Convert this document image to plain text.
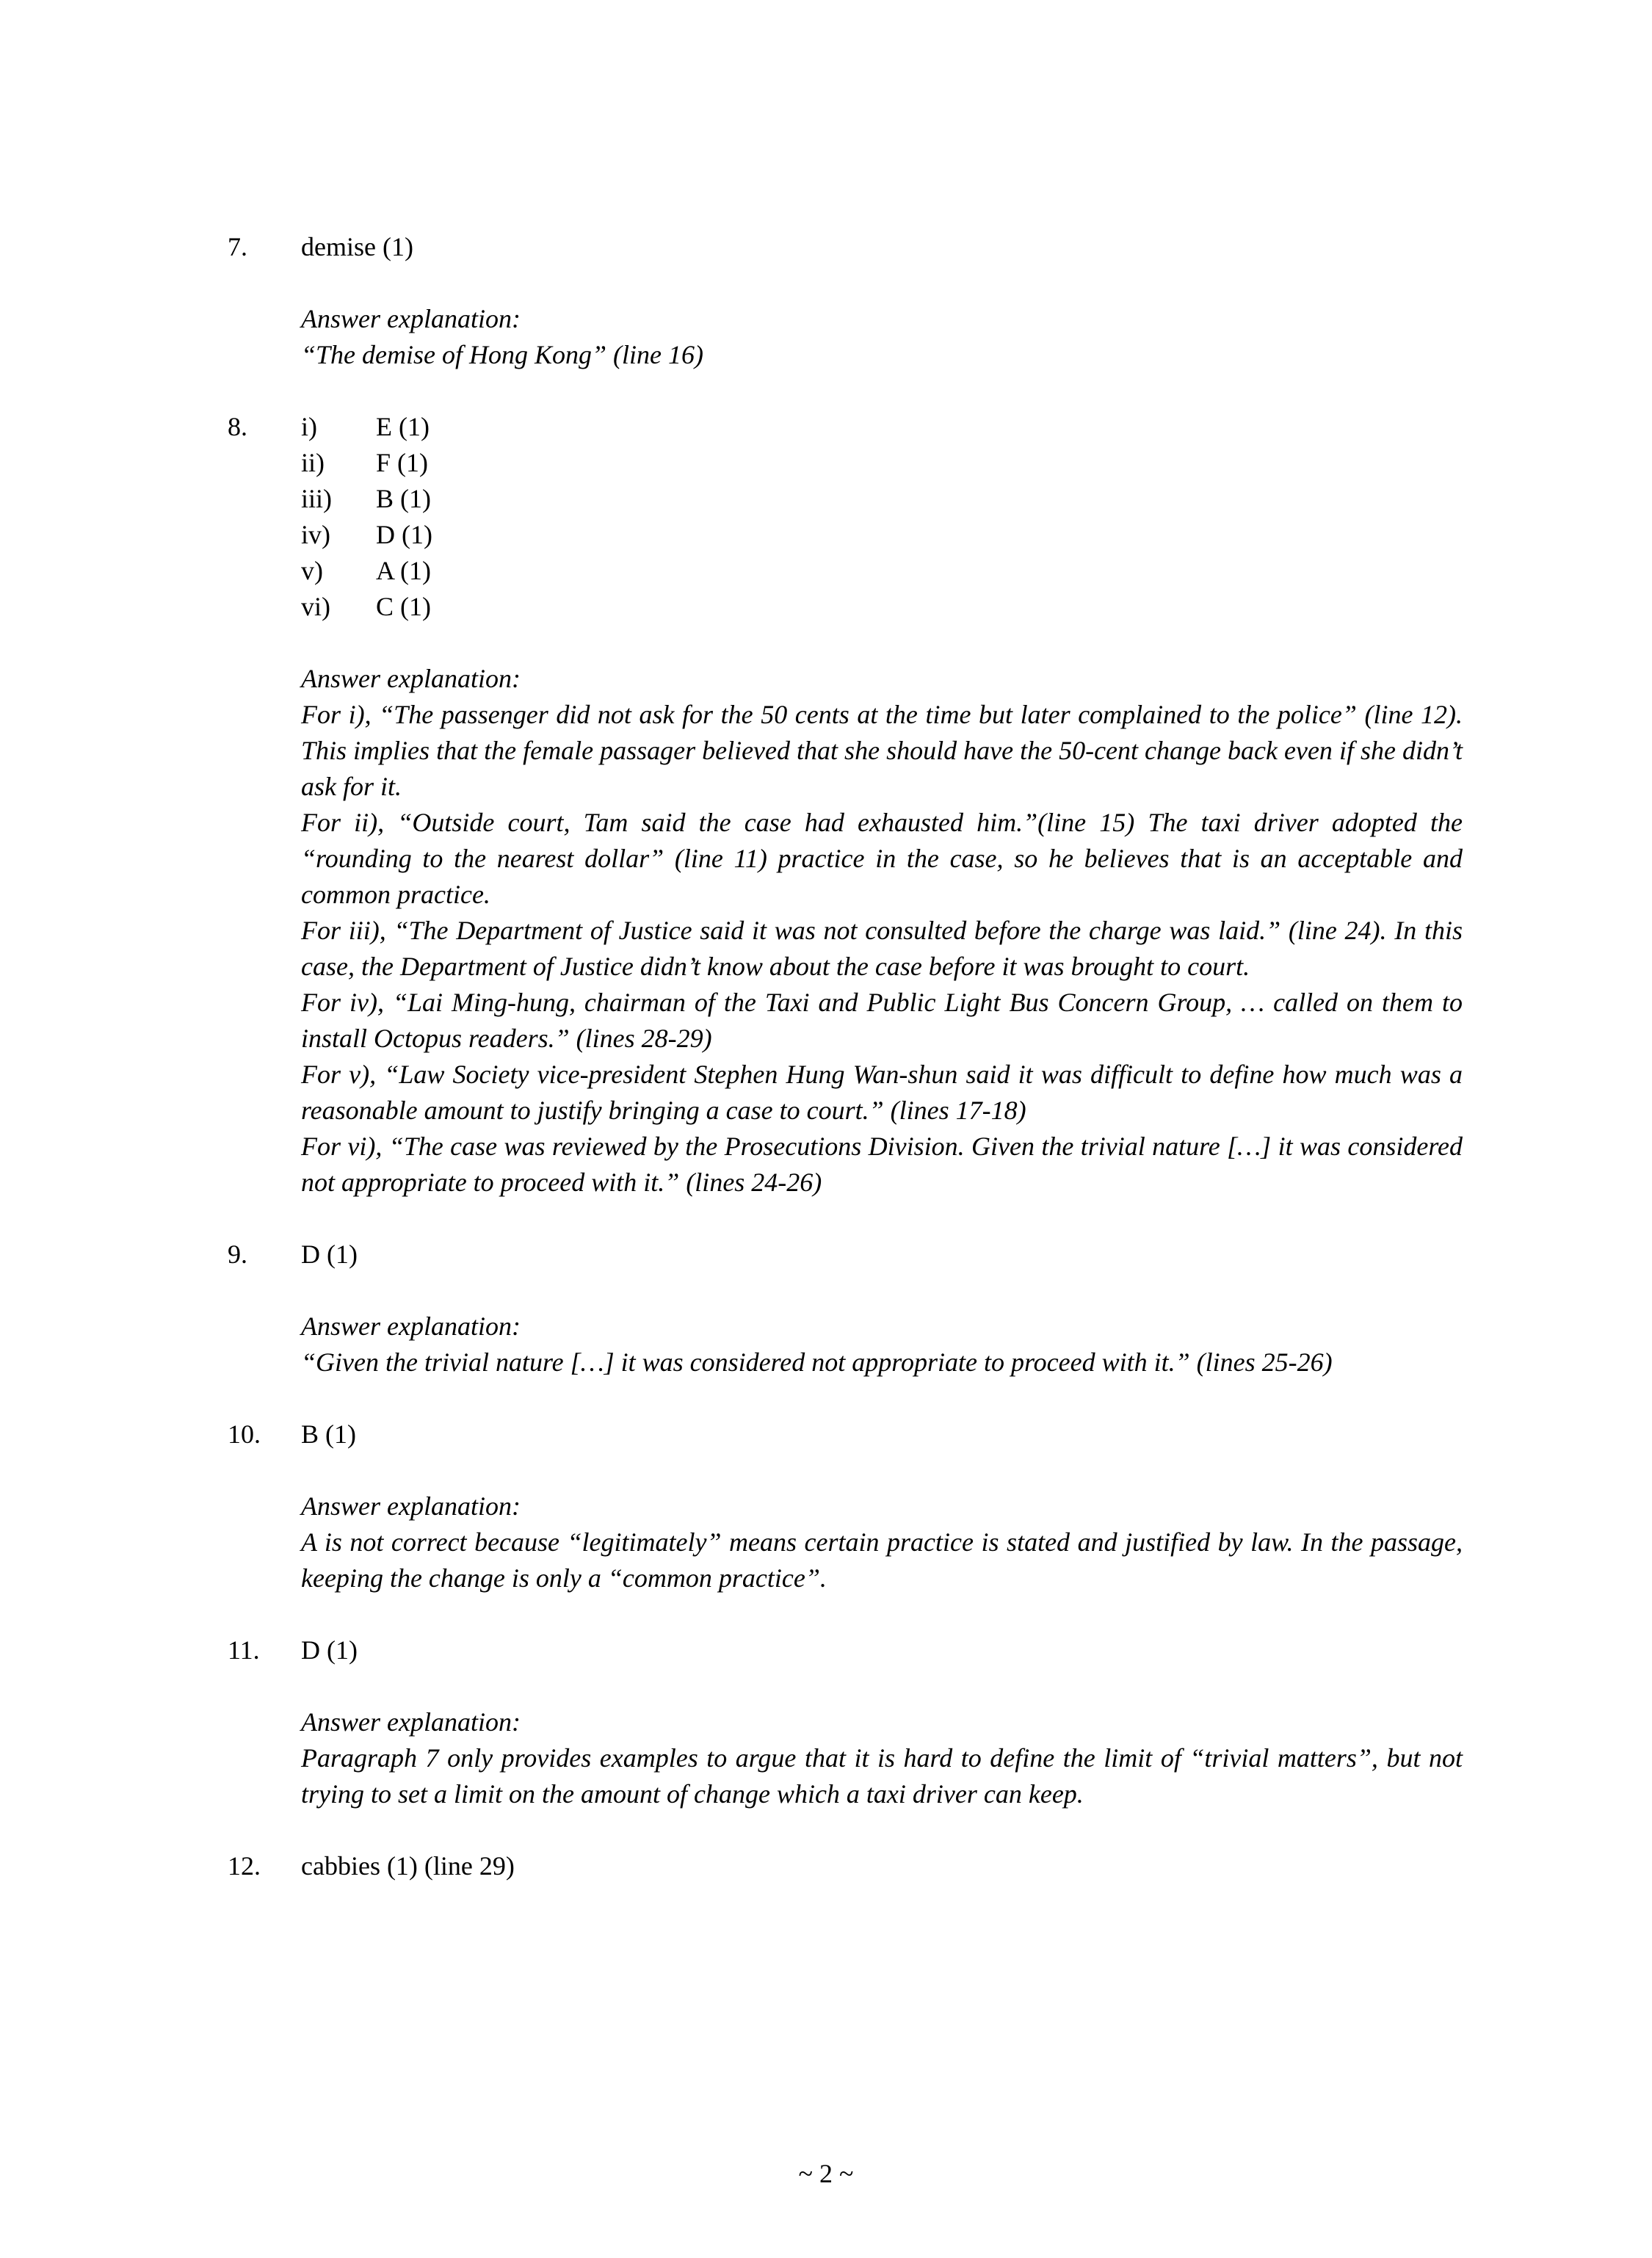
7.	demise (1)

Answer explanation:

“The demise of Hong Kong” (line 16)

8.	i)	E (1)
ii)	F (1)
iii)	B (1)
iv)	D (1)
v)	A (1)
vi)	C (1)

Answer explanation:

For i), “The passenger did not ask for the 50 cents at the time but later complained to the police” (line 12). This implies that the female passager believed that she should have the 50-cent change back even if she didn’t ask for it.

For ii), “Outside court, Tam said the case had exhausted him.”(line 15) The taxi driver adopted the “rounding to the nearest dollar” (line 11) practice in the case, so he believes that is an acceptable and common practice.

For iii), “The Department of Justice said it was not consulted before the charge was laid.” (line 24). In this case, the Department of Justice didn’t know about the case before it was brought to court.

For iv), “Lai Ming-hung, chairman of the Taxi and Public Light Bus Concern Group, … called on them to install Octopus readers.” (lines 28-29)

For v), “Law Society vice-president Stephen Hung Wan-shun said it was difficult to define how much was a reasonable amount to justify bringing a case to court.” (lines 17-18)

For vi), “The case was reviewed by the Prosecutions Division. Given the trivial nature […] it was considered not appropriate to proceed with it.” (lines 24-26)

9.	D (1)

Answer explanation:

“Given the trivial nature […] it was considered not appropriate to proceed with it.” (lines 25-26)

10.	B (1)

Answer explanation:

A is not correct because “legitimately” means certain practice is stated and justified by law. In the passage, keeping the change is only a “common practice”.

11.	D (1)

Answer explanation:

Paragraph 7 only provides examples to argue that it is hard to define the limit of “trivial matters”, but not trying to set a limit on the amount of change which a taxi driver can keep.

12.	cabbies (1) (line 29)
~ 2 ~
